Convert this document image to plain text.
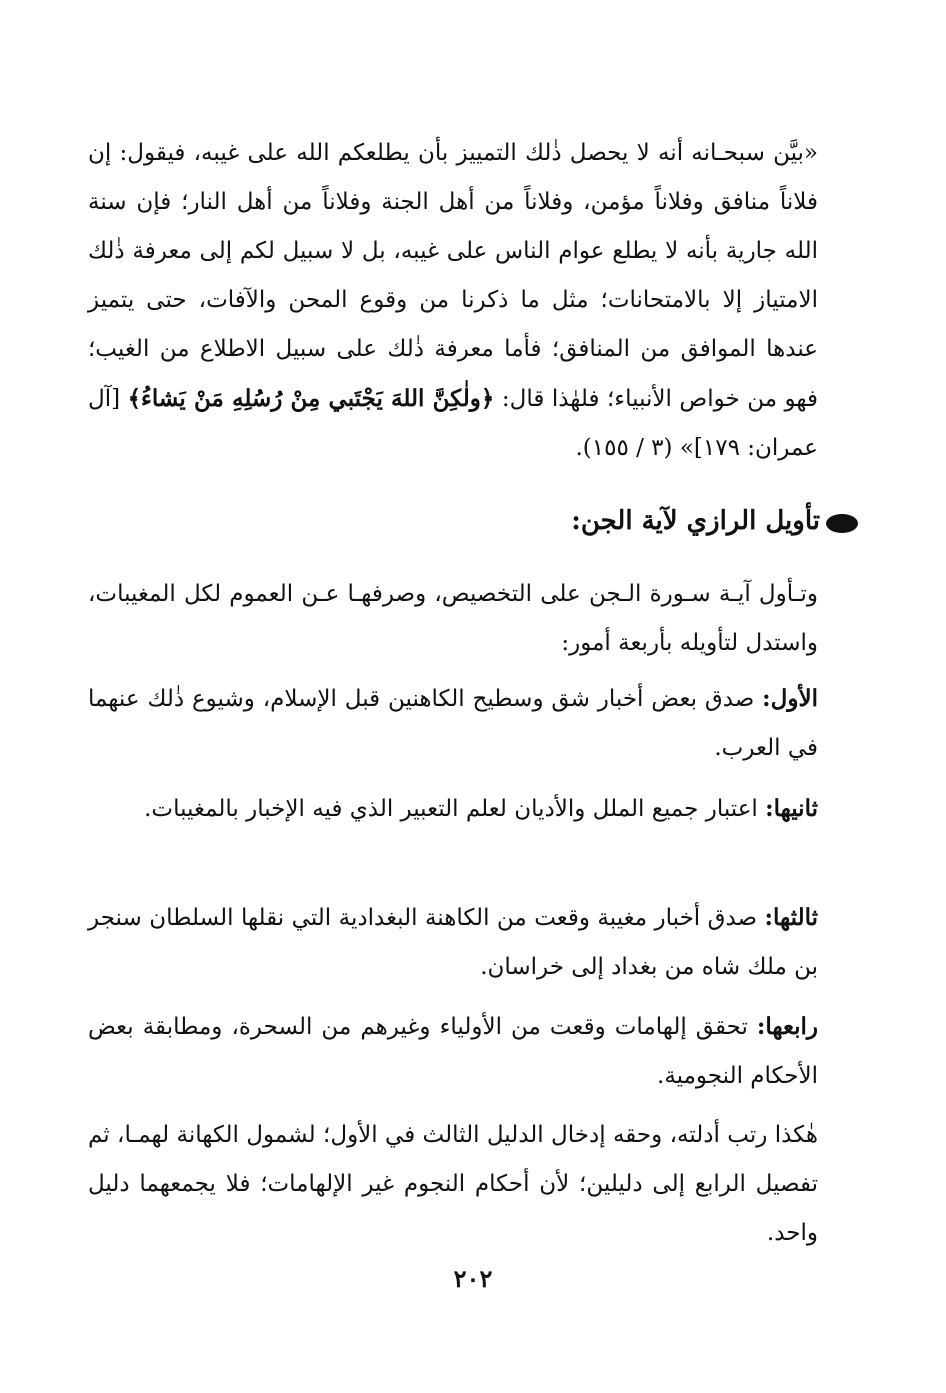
«بيَّن سبحـانه أنه لا يحصل ذٰلك التمييز بأن يطلعكم الله على غيبه، فيقول: إن فلاناً منافق وفلاناً مؤمن، وفلاناً من أهل الجنة وفلاناً من أهل النار؛ فإن سنة الله جارية بأنه لا يطلع عوام الناس على غيبه، بل لا سبيل لكم إلى معرفة ذٰلك الامتياز إلا بالامتحانات؛ مثل ما ذكرنا من وقوع المحن والآفات، حتى يتميز عندها الموافق من المنافق؛ فأما معرفة ذٰلك على سبيل الاطلاع من الغيب؛ فهو من خواص الأنبياء؛ فلهٰذا قال: ﴿ولٰكِنَّ اللهَ يَجْتَبي مِنْ رُسُلِهِ مَنْ يَشاءُ﴾ [آل عمران: ١٧٩]» (٣ / ١٥٥).

تأويل الرازي لآية الجن:

وتـأول آيـة سـورة الـجن على التخصيص، وصرفهـا عـن العموم لكل المغيبات، واستدل لتأويله بأربعة أمور:

الأول: صدق بعض أخبار شق وسطيح الكاهنين قبل الإسلام، وشيوع ذٰلك عنهما في العرب.

ثانيها: اعتبار جميع الملل والأديان لعلم التعبير الذي فيه الإخبار بالمغيبات.

ثالثها: صدق أخبار مغيبة وقعت من الكاهنة البغدادية التي نقلها السلطان سنجر بن ملك شاه من بغداد إلى خراسان.

رابعها: تحقق إلهامات وقعت من الأولياء وغيرهم من السحرة، ومطابقة بعض الأحكام النجومية.

هٰكذا رتب أدلته، وحقه إدخال الدليل الثالث في الأول؛ لشمول الكهانة لهمـا، ثم تفصيل الرابع إلى دليلين؛ لأن أحكام النجوم غير الإلهامات؛ فلا يجمعهما دليل واحد.

٢٠٢
